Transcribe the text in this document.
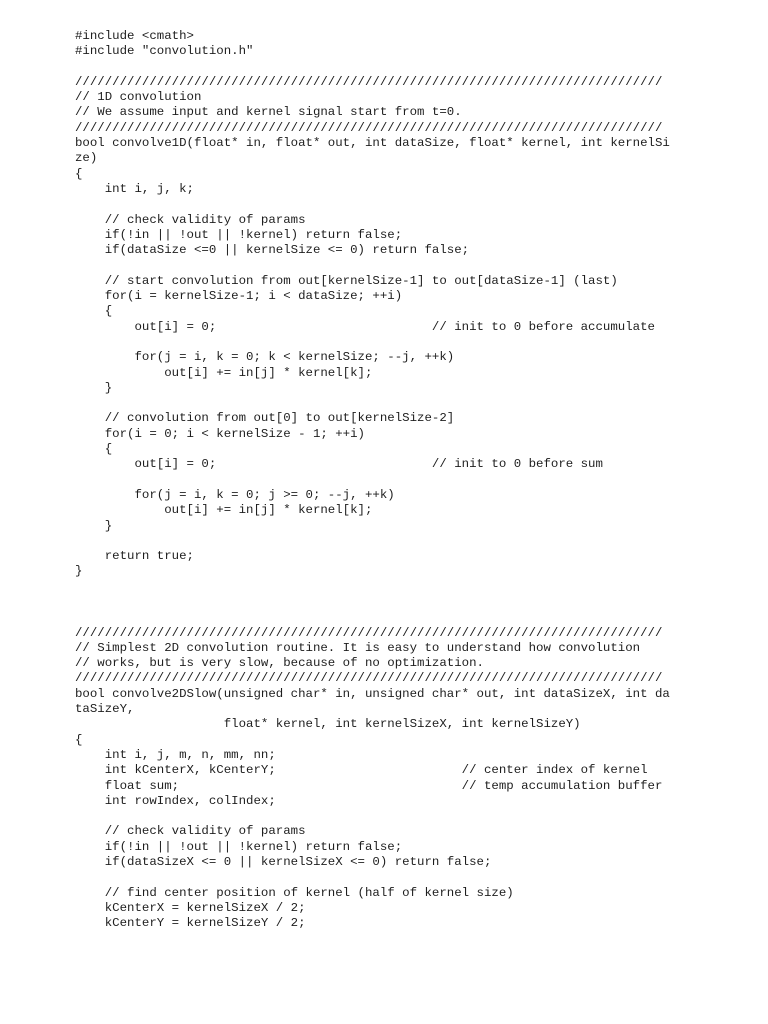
#include <cmath>
#include "convolution.h"
///////////////////////////////////////////////////////////////////////////////
// 1D convolution
// We assume input and kernel signal start from t=0.
///////////////////////////////////////////////////////////////////////////////
bool convolve1D(float* in, float* out, int dataSize, float* kernel, int kernelSi
ze)
{
int i, j, k;
// check validity of params
if(!in || !out || !kernel) return false;
if(dataSize <=0 || kernelSize <= 0) return false;
// start convolution from out[kernelSize-1] to out[dataSize-1] (last)
for(i = kernelSize-1; i < dataSize; ++i)
{
out[i] = 0;                             // init to 0 before accumulate
for(j = i, k = 0; k < kernelSize; --j, ++k)
out[i] += in[j] * kernel[k];
}
// convolution from out[0] to out[kernelSize-2]
for(i = 0; i < kernelSize - 1; ++i)
{
out[i] = 0;                             // init to 0 before sum
for(j = i, k = 0; j >= 0; --j, ++k)
out[i] += in[j] * kernel[k];
}
return true;
}
///////////////////////////////////////////////////////////////////////////////
// Simplest 2D convolution routine. It is easy to understand how convolution
// works, but is very slow, because of no optimization.
///////////////////////////////////////////////////////////////////////////////
bool convolve2DSlow(unsigned char* in, unsigned char* out, int dataSizeX, int da
taSizeY,
float* kernel, int kernelSizeX, int kernelSizeY)
{
int i, j, m, n, mm, nn;
int kCenterX, kCenterY;                         // center index of kernel
float sum;                                      // temp accumulation buffer
int rowIndex, colIndex;
// check validity of params
if(!in || !out || !kernel) return false;
if(dataSizeX <= 0 || kernelSizeX <= 0) return false;
// find center position of kernel (half of kernel size)
kCenterX = kernelSizeX / 2;
kCenterY = kernelSizeY / 2;
